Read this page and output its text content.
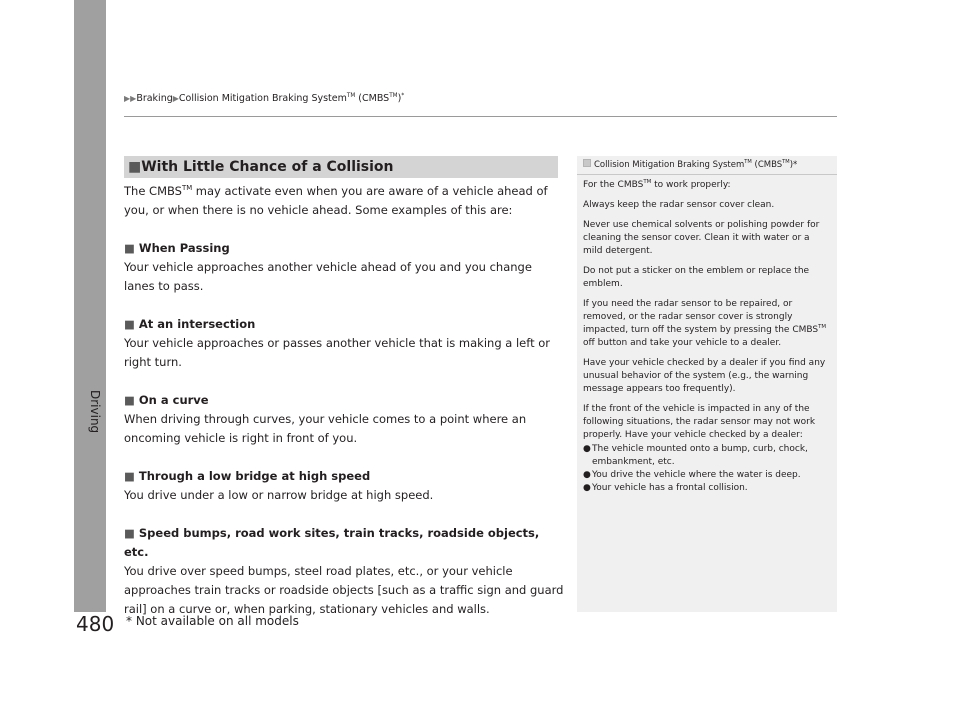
Driving
▶▶Braking▶Collision Mitigation Braking System™ (CMBS™)*
■With Little Chance of a Collision

The CMBS™ may activate even when you are aware of a vehicle ahead of you, or when there is no vehicle ahead. Some examples of this are:

■ When Passing

Your vehicle approaches another vehicle ahead of you and you change lanes to pass.

■ At an intersection

Your vehicle approaches or passes another vehicle that is making a left or right turn.

■ On a curve

When driving through curves, your vehicle comes to a point where an oncoming vehicle is right in front of you.

■ Through a low bridge at high speed

You drive under a low or narrow bridge at high speed.

■ Speed bumps, road work sites, train tracks, roadside objects, etc.

You drive over speed bumps, steel road plates, etc., or your vehicle approaches train tracks or roadside objects [such as a traffic sign and guard rail] on a curve or, when parking, stationary vehicles and walls.

Collision Mitigation Braking System™ (CMBS™)*

For the CMBS™ to work properly:

Always keep the radar sensor cover clean.

Never use chemical solvents or polishing powder for cleaning the sensor cover. Clean it with water or a mild detergent.

Do not put a sticker on the emblem or replace the emblem.

If you need the radar sensor to be repaired, or removed, or the radar sensor cover is strongly impacted, turn off the system by pressing the CMBS™ off button and take your vehicle to a dealer.

Have your vehicle checked by a dealer if you find any unusual behavior of the system (e.g., the warning message appears too frequently).

If the front of the vehicle is impacted in any of the following situations, the radar sensor may not work properly. Have your vehicle checked by a dealer:

● The vehicle mounted onto a bump, curb, chock, embankment, etc.
● You drive the vehicle where the water is deep.
● Your vehicle has a frontal collision.
480 * Not available on all models
